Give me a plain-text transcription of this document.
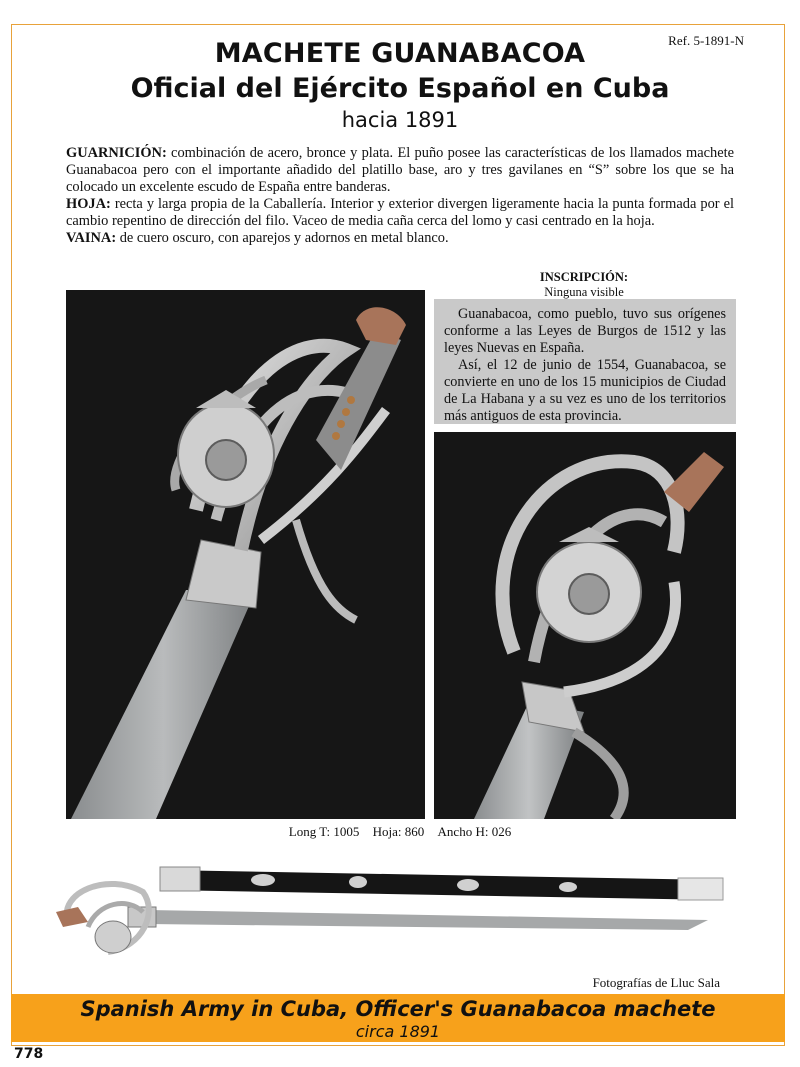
Ref. 5-1891-N
MACHETE GUANABACOA
Oficial del Ejército Español en Cuba
hacia 1891

GUARNICIÓN: combinación de acero, bronce y plata. El puño posee las características de los llamados machete Guanabacoa pero con el importante añadido del platillo base, aro y tres gavilanes en “S” sobre los que se ha colocado un excelente escudo de España entre banderas.

HOJA: recta y larga propia de la Caballería. Interior y exterior divergen ligeramente hacia la punta formada por el cambio repentino de dirección del filo. Vaceo de media caña cerca del lomo y casi centrado en la hoja.

VAINA: de cuero oscuro, con aparejos y adornos en metal blanco.

INSCRIPCIÓN:
Ninguna visible

Guanabacoa, como pueblo, tuvo sus orígenes conforme a las Leyes de Burgos de 1512 y las leyes Nuevas en España.

Así, el 12 de junio de 1554, Guanabacoa, se convierte en uno de los 15 municipios de Ciudad de La Habana y a su vez es uno de los territorios más antiguos de esta provincia.

Long T: 1005 Hoja: 860 Ancho H: 026
Fotografías de Lluc Sala
Spanish Army in Cuba, Officer's Guanabacoa machete
circa 1891
778
